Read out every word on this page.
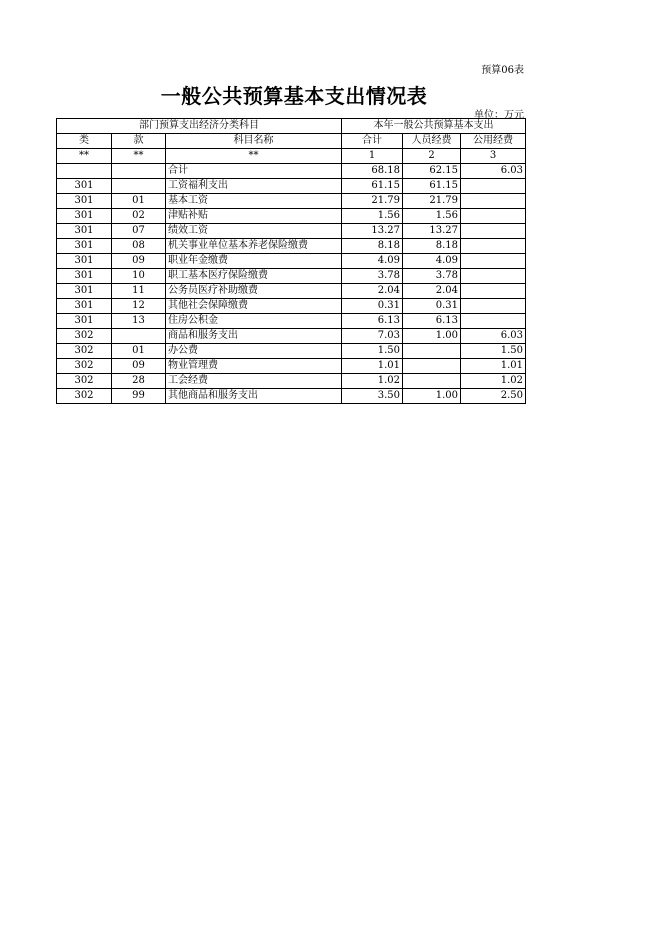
预算06表
一般公共预算基本支出情况表
单位：万元
部门预算支出经济分类科目			本年一般公共预算基本支出		
类	款	科目名称	合计	人员经费	公用经费
**	**	**	1	2	3
		合计	68.18	62.15	6.03
301		工资福利支出	61.15	61.15	
301	01	基本工资	21.79	21.79	
301	02	津贴补贴	1.56	1.56	
301	07	绩效工资	13.27	13.27	
301	08	机关事业单位基本养老保险缴费	8.18	8.18	
301	09	职业年金缴费	4.09	4.09	
301	10	职工基本医疗保险缴费	3.78	3.78	
301	11	公务员医疗补助缴费	2.04	2.04	
301	12	其他社会保障缴费	0.31	0.31	
301	13	住房公积金	6.13	6.13	
302		商品和服务支出	7.03	1.00	6.03
302	01	办公费	1.50		1.50
302	09	物业管理费	1.01		1.01
302	28	工会经费	1.02		1.02
302	99	其他商品和服务支出	3.50	1.00	2.50
